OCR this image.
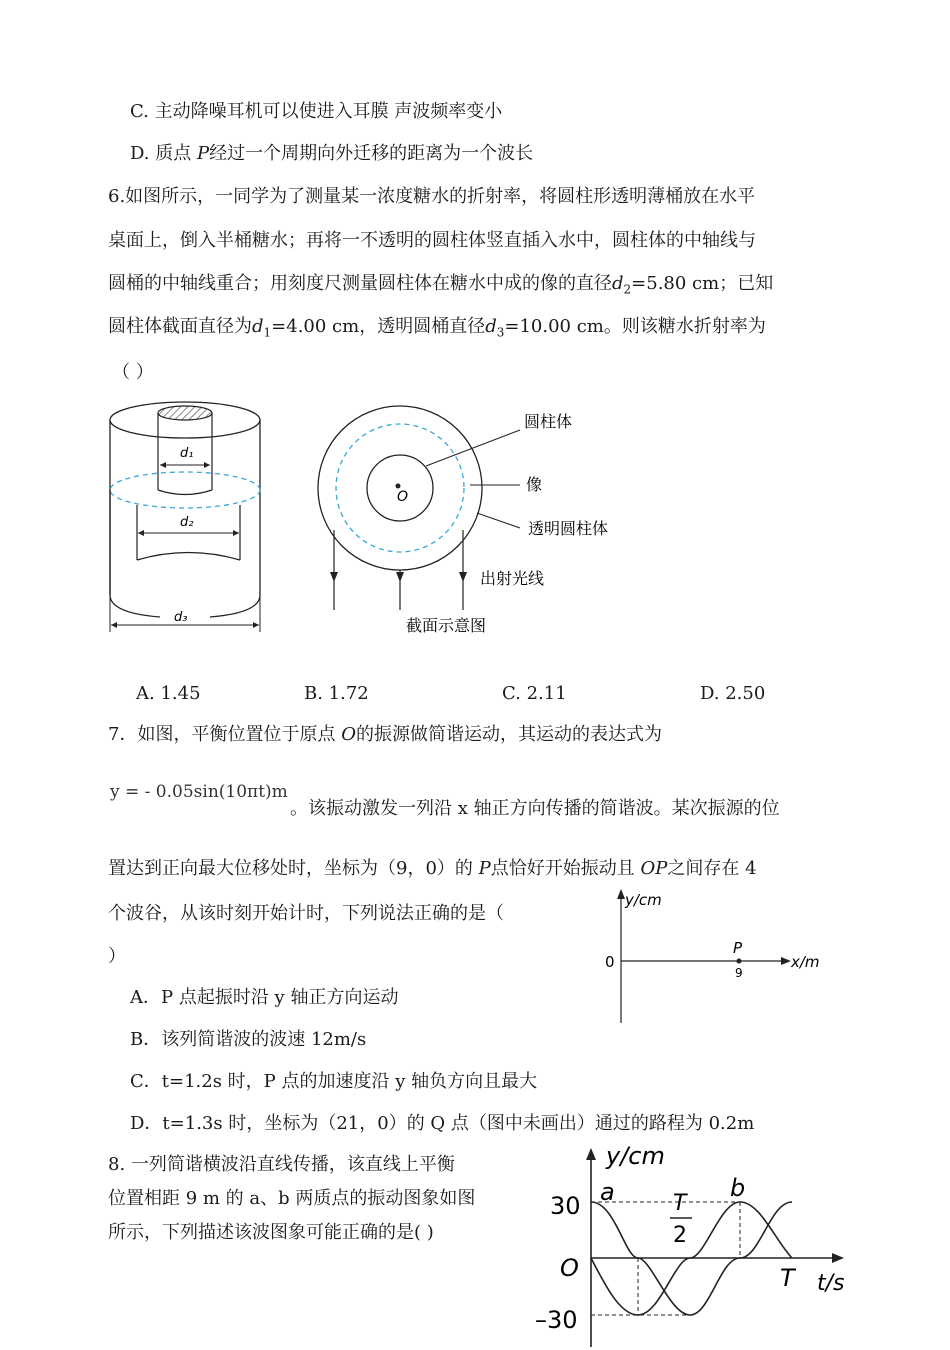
C. 主动降噪耳机可以使进入耳膜 声波频率变小
D. 质点 P经过一个周期向外迁移的距离为一个波长
6.如图所示，一同学为了测量某一浓度糖水的折射率，将圆柱形透明薄桶放在水平
桌面上，倒入半桶糖水；再将一不透明的圆柱体竖直插入水中，圆柱体的中轴线与
圆桶的中轴线重合；用刻度尺测量圆柱体在糖水中成的像的直径$d_2=5.80$ cm；已知
圆柱体截面直径为$d_1=4.00$ cm，透明圆桶直径$d_3=10.00$ cm。则该糖水折射率为
（ ）
d₁
d₂
d₃
O
圆柱体
像
透明圆柱体
出射光线
截面示意图
A. 1.45	B. 1.72	C. 2.11	D. 2.50
7．如图，平衡位置位于原点 O的振源做简谐运动，其运动的表达式为
y = - 0.05sin(10πt)m
。该振动激发一列沿 x 轴正方向传播的简谐波。某次振源的位
置达到正向最大位移处时，坐标为（9，0）的 P点恰好开始振动且 OP之间存在 4
个波谷，从该时刻开始计时，下列说法正确的是（
）
y/cm
0
P
9
x/m
A．P 点起振时沿 y 轴正方向运动
B．该列简谐波的波速 12m/s
C．t=1.2s 时，P 点的加速度沿 y 轴负方向且最大
D．t=1.3s 时，坐标为（21，0）的 Q 点（图中未画出）通过的路程为 0.2m
8. 一列简谐横波沿直线传播，该直线上平衡
位置相距 9 m 的 a、b 两质点的振动图象如图
所示，下列描述该波图象可能正确的是( )
y/cm
30
O
–30
a	b
T
2
T t/s
